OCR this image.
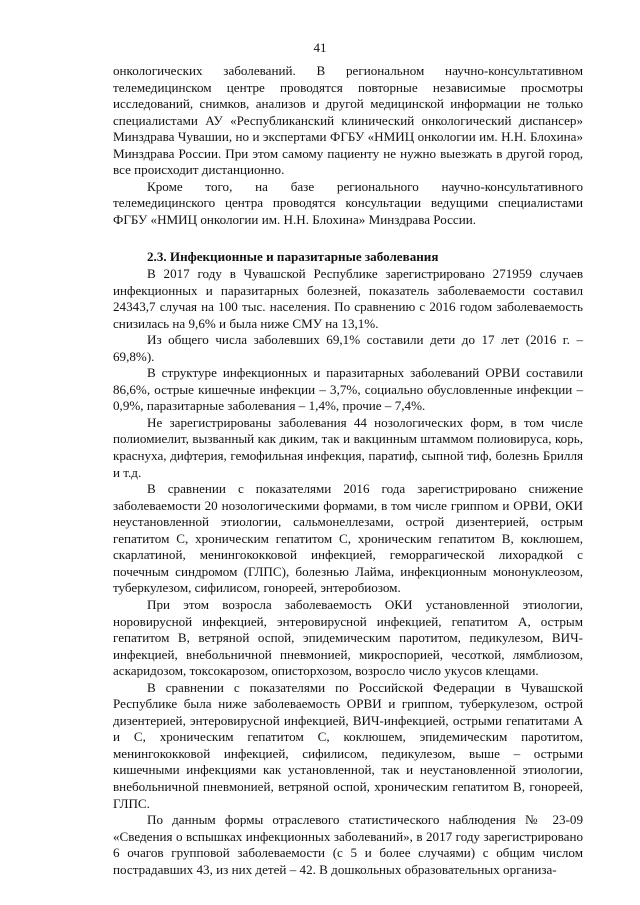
41

онкологических заболеваний. В региональном научно-консультативном телемедицинском центре проводятся повторные независимые просмотры исследований, снимков, анализов и другой медицинской информации не только специалистами АУ «Республиканский клинический онкологический диспансер» Минздрава Чувашии, но и экспертами ФГБУ «НМИЦ онкологии им. Н.Н. Блохина» Минздрава России. При этом самому пациенту не нужно выезжать в другой город, все происходит дистанционно.

Кроме того, на базе регионального научно-консультативного телемедицинского центра проводятся консультации ведущими специалистами ФГБУ «НМИЦ онкологии им. Н.Н. Блохина» Минздрава России.

2.3. Инфекционные и паразитарные заболевания

В 2017 году в Чувашской Республике зарегистрировано 271959 случаев инфекционных и паразитарных болезней, показатель заболеваемости составил 24343,7 случая на 100 тыс. населения. По сравнению с 2016 годом заболеваемость снизилась на 9,6% и была ниже СМУ на 13,1%.

Из общего числа заболевших 69,1% составили дети до 17 лет (2016 г. – 69,8%).

В структуре инфекционных и паразитарных заболеваний ОРВИ составили 86,6%, острые кишечные инфекции – 3,7%, социально обусловленные инфекции – 0,9%, паразитарные заболевания – 1,4%, прочие – 7,4%.

Не зарегистрированы заболевания 44 нозологических форм, в том числе полиомиелит, вызванный как диким, так и вакцинным штаммом полиовируса, корь, краснуха, дифтерия, гемофильная инфекция, паратиф, сыпной тиф, болезнь Брилля и т.д.

В сравнении с показателями 2016 года зарегистрировано снижение заболеваемости 20 нозологическими формами, в том числе гриппом и ОРВИ, ОКИ неустановленной этиологии, сальмонеллезами, острой дизентерией, острым гепатитом С, хроническим гепатитом С, хроническим гепатитом В, коклюшем, скарлатиной, менингококковой инфекцией, геморрагической лихорадкой с почечным синдромом (ГЛПС), болезнью Лайма, инфекционным мононуклеозом, туберкулезом, сифилисом, гонореей, энтеробиозом.

При этом возросла заболеваемость ОКИ установленной этиологии, норовирусной инфекцией, энтеровирусной инфекцией, гепатитом А, острым гепатитом В, ветряной оспой, эпидемическим паротитом, педикулезом, ВИЧ-инфекцией, внебольничной пневмонией, микроспорией, чесоткой, лямблиозом, аскаридозом, токсокарозом, описторхозом, возросло число укусов клещами.

В сравнении с показателями по Российской Федерации в Чувашской Республике была ниже заболеваемость ОРВИ и гриппом, туберкулезом, острой дизентерией, энтеровирусной инфекцией, ВИЧ-инфекцией, острыми гепатитами А и С, хроническим гепатитом С, коклюшем, эпидемическим паротитом, менингококковой инфекцией, сифилисом, педикулезом, выше – острыми кишечными инфекциями как установленной, так и неустановленной этиологии, внебольничной пневмонией, ветряной оспой, хроническим гепатитом В, гонореей, ГЛПС.

По данным формы отраслевого статистического наблюдения № 23-09 «Сведения о вспышках инфекционных заболеваний», в 2017 году зарегистрировано 6 очагов групповой заболеваемости (с 5 и более случаями) с общим числом пострадавших 43, из них детей – 42. В дошкольных образовательных организа-
